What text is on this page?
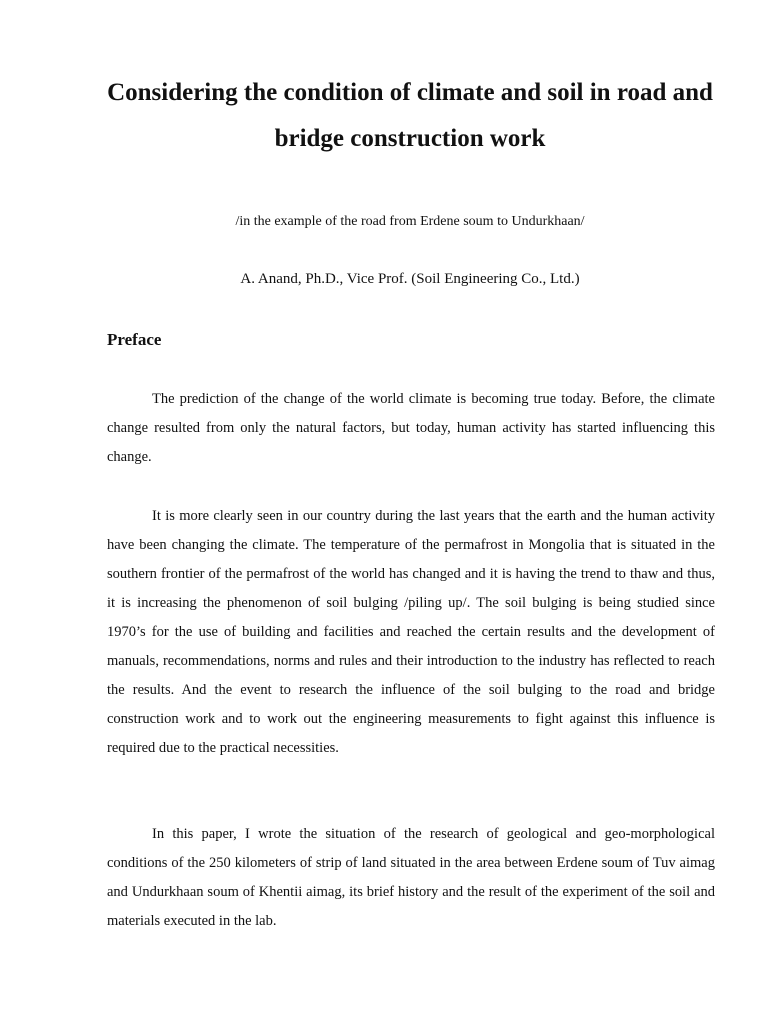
Considering the condition of climate and soil in road and bridge construction work

/in the example of the road from Erdene soum to Undurkhaan/

A. Anand, Ph.D., Vice Prof. (Soil Engineering Co., Ltd.)

Preface

The prediction of the change of the world climate is becoming true today. Before, the climate change resulted from only the natural factors, but today, human activity has started influencing this change.

It is more clearly seen in our country during the last years that the earth and the human activity have been changing the climate. The temperature of the permafrost in Mongolia that is situated in the southern frontier of the permafrost of the world has changed and it is having the trend to thaw and thus, it is increasing the phenomenon of soil bulging /piling up/. The soil bulging is being studied since 1970’s for the use of building and facilities and reached the certain results and the development of manuals, recommendations, norms and rules and their introduction to the industry has reflected to reach the results. And the event to research the influence of the soil bulging to the road and bridge construction work and to work out the engineering measurements to fight against this influence is required due to the practical necessities.

In this paper, I wrote the situation of the research of geological and geo-morphological conditions of the 250 kilometers of strip of land situated in the area between Erdene soum of Tuv aimag and Undurkhaan soum of Khentii aimag, its brief history and the result of the experiment of the soil and materials executed in the lab.
